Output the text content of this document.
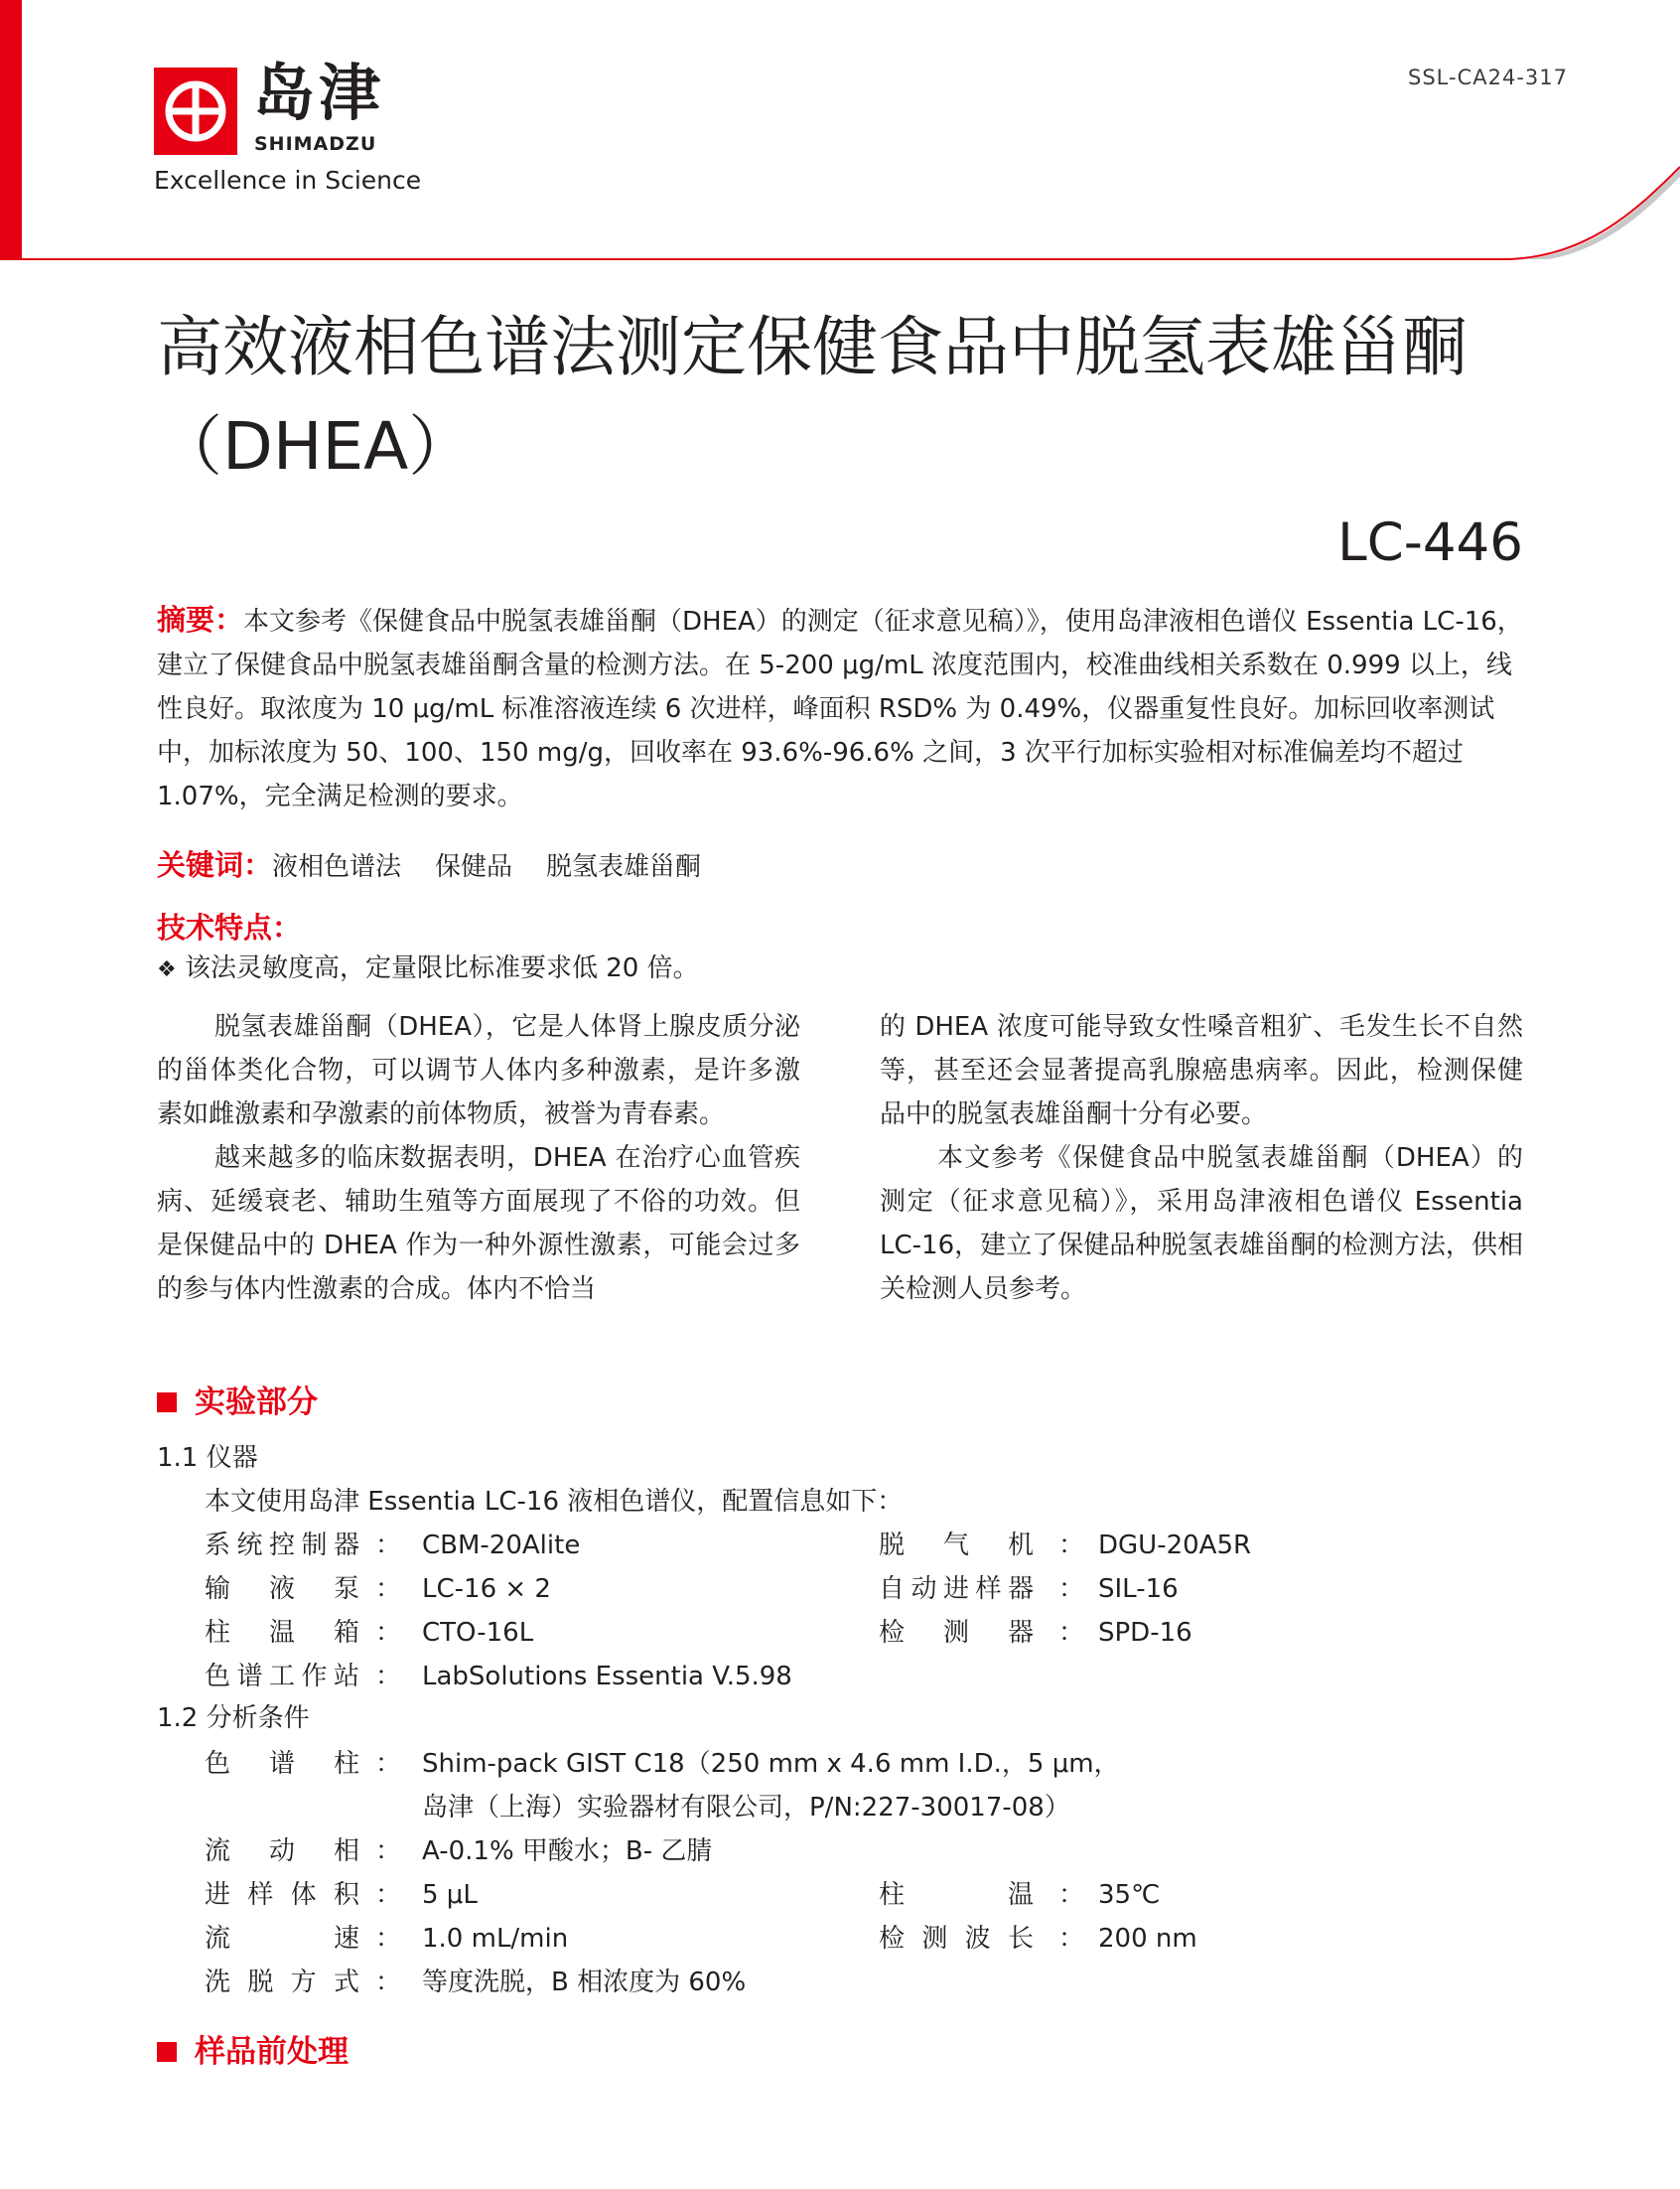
岛津
SHIMADZU
Excellence in Science
SSL-CA24-317
高效液相色谱法测定保健食品中脱氢表雄甾酮（DHEA）
LC-446
摘要：本文参考《保健食品中脱氢表雄甾酮（DHEA）的测定（征求意见稿）》，使用岛津液相色谱仪 Essentia LC-16，建立了保健食品中脱氢表雄甾酮含量的检测方法。在 5-200 μg/mL 浓度范围内，校准曲线相关系数在 0.999 以上，线性良好。取浓度为 10 μg/mL 标准溶液连续 6 次进样，峰面积 RSD% 为 0.49%，仪器重复性良好。加标回收率测试中，加标浓度为 50、100、150 mg/g，回收率在 93.6%-96.6% 之间，3 次平行加标实验相对标准偏差均不超过 1.07%，完全满足检测的要求。
关键词：液相色谱法 保健品 脱氢表雄甾酮
技术特点：
❖ 该法灵敏度高，定量限比标准要求低 20 倍。

脱氢表雄甾酮（DHEA），它是人体肾上腺皮质分泌的甾体类化合物，可以调节人体内多种激素，是许多激素如雌激素和孕激素的前体物质，被誉为青春素。

越来越多的临床数据表明，DHEA 在治疗心血管疾病、延缓衰老、辅助生殖等方面展现了不俗的功效。但是保健品中的 DHEA 作为一种外源性激素，可能会过多的参与体内性激素的合成。体内不恰当

的 DHEA 浓度可能导致女性嗓音粗犷、毛发生长不自然等，甚至还会显著提高乳腺癌患病率。因此，检测保健品中的脱氢表雄甾酮十分有必要。

本文参考《保健食品中脱氢表雄甾酮（DHEA）的测定（征求意见稿）》，采用岛津液相色谱仪 Essentia LC-16，建立了保健品种脱氢表雄甾酮的检测方法，供相关检测人员参考。

实验部分
1.1 仪器
本文使用岛津 Essentia LC-16 液相色谱仪，配置信息如下：
系统控制器 ： CBM-20Alite	脱气机 ： DGU-20A5R
输液泵 ： LC-16 × 2	自动进样器 ： SIL-16
柱温箱 ： CTO-16L	检测器 ： SPD-16
色谱工作站 ： LabSolutions Essentia V.5.98
1.2 分析条件
色谱柱 ： Shim-pack GIST C18（250 mm x 4.6 mm I.D.，5 μm，
岛津（上海）实验器材有限公司，P/N:227-30017-08）
流动相 ： A-0.1% 甲酸水；B- 乙腈
进样体积 ： 5 μL	柱温 ： 35℃
流速 ： 1.0 mL/min	检测波长 ： 200 nm
洗脱方式 ： 等度洗脱，B 相浓度为 60%
样品前处理
